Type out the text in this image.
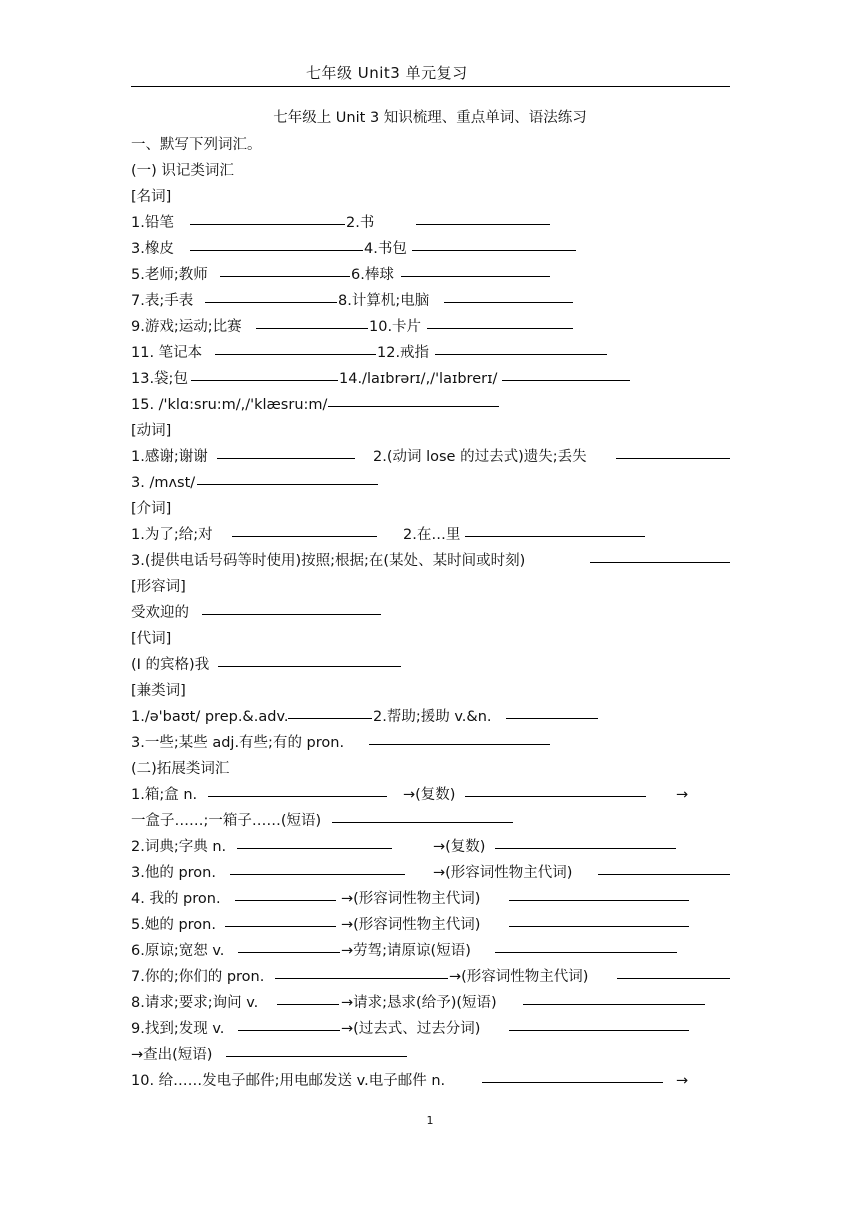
七年级 Unit3 单元复习
七年级上 Unit 3 知识梳理、重点单词、语法练习
一、默写下列词汇。
(一) 识记类词汇
[名词]
1.铅笔	2.书
3.橡皮	4.书包
5.老师;教师	6.棒球
7.表;手表	8.计算机;电脑
9.游戏;运动;比赛	10.卡片
11. 笔记本	12.戒指
13.袋;包	14./laɪbrərɪ/,/'laɪbrerɪ/
15. /'klɑ:sru:m/,/'klæsru:m/
[动词]
1.感谢;谢谢	2.(动词 lose 的过去式)遗失;丢失
3. /mʌst/
[介词]
1.为了;给;对	2.在…里
3.(提供电话号码等时使用)按照;根据;在(某处、某时间或时刻)
[形容词]
受欢迎的
[代词]
(I 的宾格)我
[兼类词]
1./ə'baʊt/ prep.&.adv.	2.帮助;援助 v.&n.
3.一些;某些 adj.有些;有的 pron.
(二)拓展类词汇
1.箱;盒 n.	→(复数)	→
一盒子……;一箱子……(短语)
2.词典;字典 n.	→(复数)
3.他的 pron.	→(形容词性物主代词)
4. 我的 pron.	→(形容词性物主代词)
5.她的 pron.	→(形容词性物主代词)
6.原谅;宽恕 v.	→劳驾;请原谅(短语)
7.你的;你们的 pron.	→(形容词性物主代词)
8.请求;要求;询问 v.	→请求;恳求(给予)(短语)
9.找到;发现 v.	→(过去式、过去分词)
→查出(短语)
10. 给……发电子邮件;用电邮发送 v.电子邮件 n.	→
1
